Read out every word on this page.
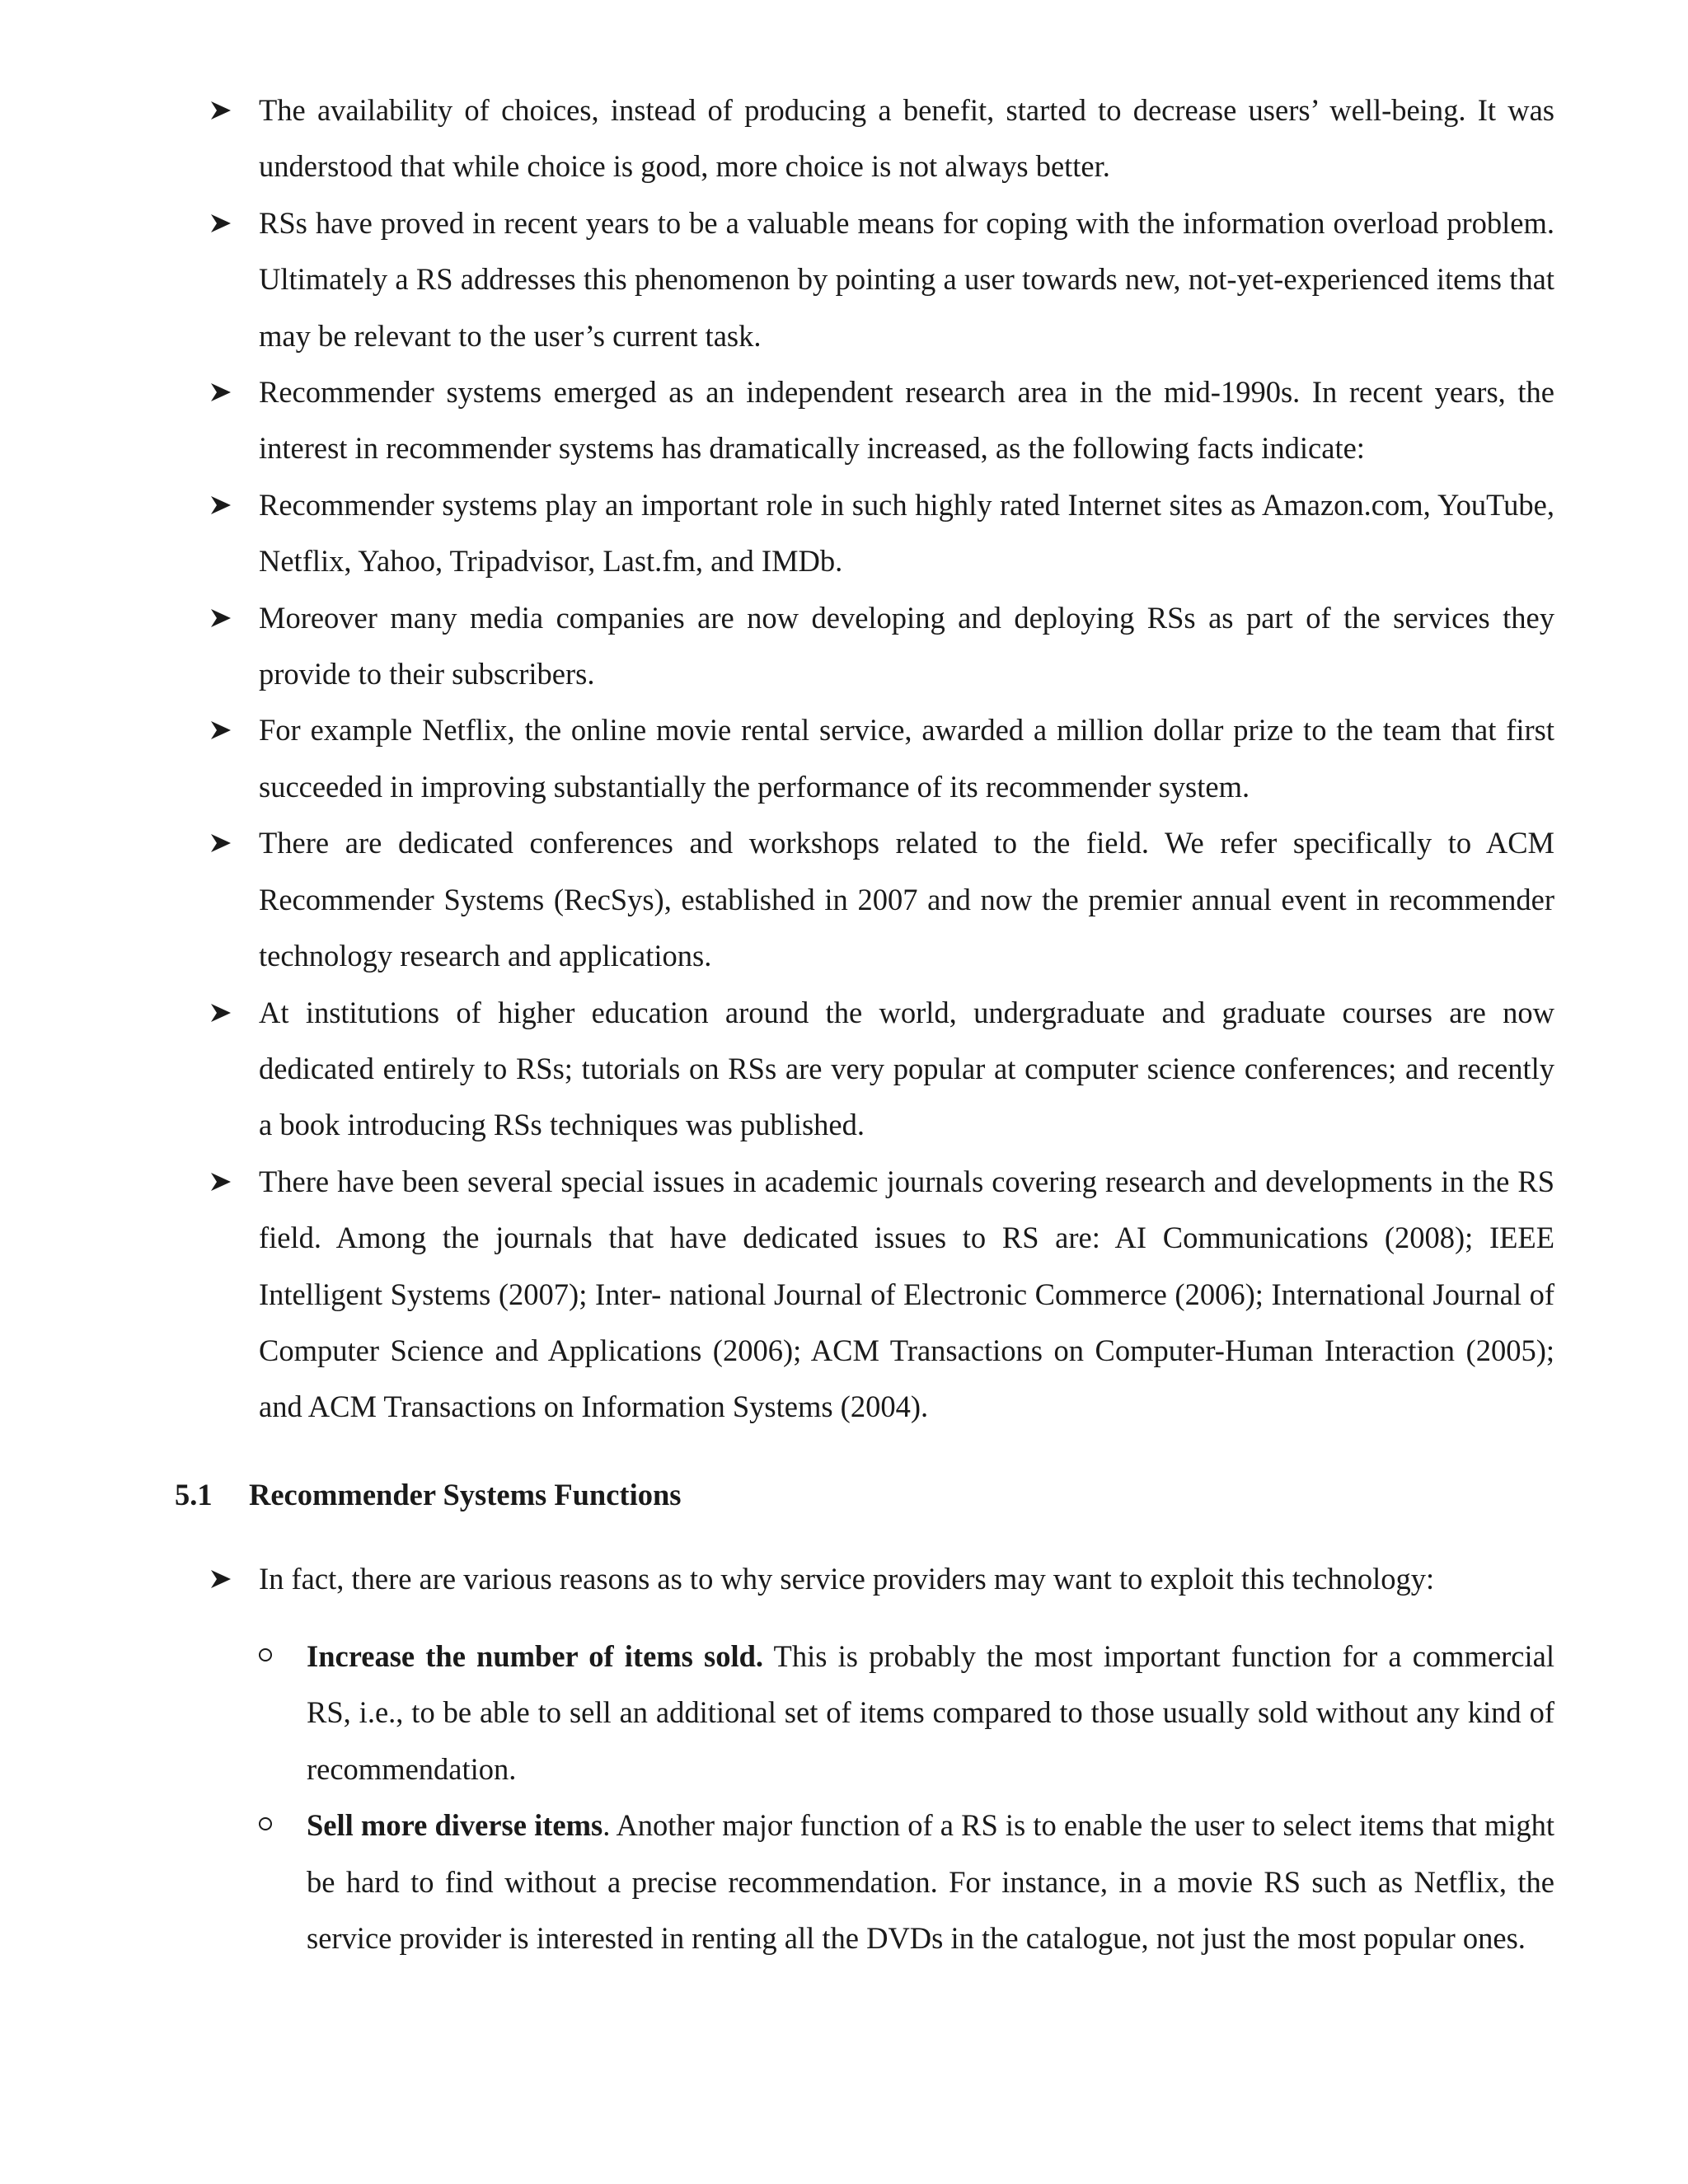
The availability of choices, instead of producing a benefit, started to decrease users’ well-being. It was understood that while choice is good, more choice is not always better.
RSs have proved in recent years to be a valuable means for coping with the information overload problem. Ultimately a RS addresses this phenomenon by pointing a user towards new, not-yet-experienced items that may be relevant to the user’s current task.
Recommender systems emerged as an independent research area in the mid-1990s. In recent years, the interest in recommender systems has dramatically increased, as the following facts indicate:
Recommender systems play an important role in such highly rated Internet sites as Amazon.com, YouTube, Netflix, Yahoo, Tripadvisor, Last.fm, and IMDb.
Moreover many media companies are now developing and deploying RSs as part of the services they provide to their subscribers.
For example Netflix, the online movie rental service, awarded a million dollar prize to the team that first succeeded in improving substantially the performance of its recommender system.
There are dedicated conferences and workshops related to the field. We refer specifically to ACM Recommender Systems (RecSys), established in 2007 and now the premier annual event in recommender technology research and applications.
At institutions of higher education around the world, undergraduate and graduate courses are now dedicated entirely to RSs; tutorials on RSs are very popular at computer science conferences; and recently a book introducing RSs techniques was published.
There have been several special issues in academic journals covering research and developments in the RS field. Among the journals that have dedicated issues to RS are: AI Communications (2008); IEEE Intelligent Systems (2007); Inter- national Journal of Electronic Commerce (2006); International Journal of Computer Science and Applications (2006); ACM Transactions on Computer-Human Interaction (2005); and ACM Transactions on Information Systems (2004).
5.1 Recommender Systems Functions
In fact, there are various reasons as to why service providers may want to exploit this technology:
Increase the number of items sold. This is probably the most important function for a commercial RS, i.e., to be able to sell an additional set of items compared to those usually sold without any kind of recommendation.
Sell more diverse items. Another major function of a RS is to enable the user to select items that might be hard to find without a precise recommendation. For instance, in a movie RS such as Netflix, the service provider is interested in renting all the DVDs in the catalogue, not just the most popular ones.
